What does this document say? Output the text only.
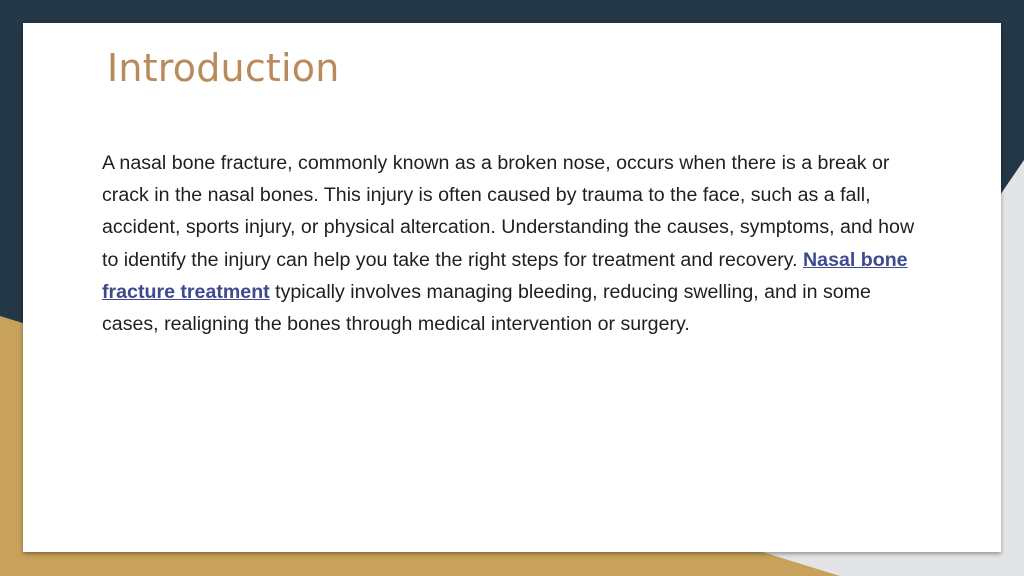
Introduction

A nasal bone fracture, commonly known as a broken nose, occurs when there is a break or crack in the nasal bones. This injury is often caused by trauma to the face, such as a fall, accident, sports injury, or physical altercation. Understanding the causes, symptoms, and how to identify the injury can help you take the right steps for treatment and recovery. Nasal bone fracture treatment typically involves managing bleeding, reducing swelling, and in some cases, realigning the bones through medical intervention or surgery.
